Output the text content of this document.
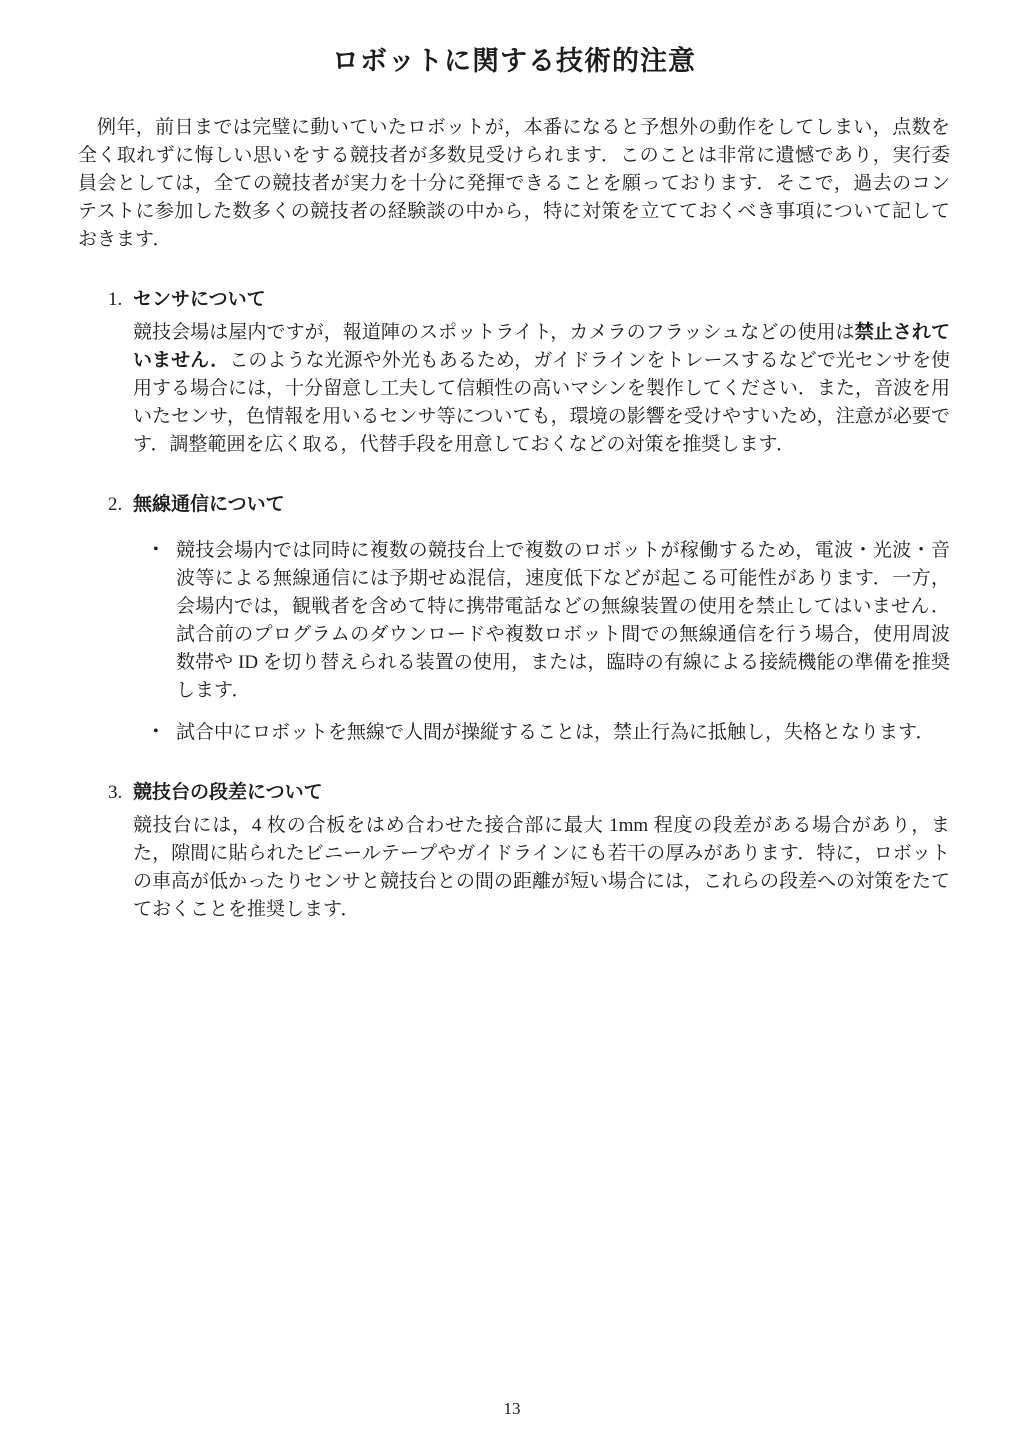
ロボットに関する技術的注意

例年，前日までは完璧に動いていたロボットが，本番になると予想外の動作をしてしまい，点数を全く取れずに悔しい思いをする競技者が多数見受けられます．このことは非常に遺憾であり，実行委員会としては，全ての競技者が実力を十分に発揮できることを願っております．そこで，過去のコンテストに参加した数多くの競技者の経験談の中から，特に対策を立てておくべき事項について記しておきます．

1. センサについて
競技会場は屋内ですが，報道陣のスポットライト，カメラのフラッシュなどの使用は禁止されていません．このような光源や外光もあるため，ガイドラインをトレースするなどで光センサを使用する場合には，十分留意し工夫して信頼性の高いマシンを製作してください．また，音波を用いたセンサ，色情報を用いるセンサ等についても，環境の影響を受けやすいため，注意が必要です．調整範囲を広く取る，代替手段を用意しておくなどの対策を推奨します．
2. 無線通信について
• 競技会場内では同時に複数の競技台上で複数のロボットが稼働するため，電波・光波・音波等による無線通信には予期せぬ混信，速度低下などが起こる可能性があります．一方，会場内では，観戦者を含めて特に携帯電話などの無線装置の使用を禁止してはいません．試合前のプログラムのダウンロードや複数ロボット間での無線通信を行う場合，使用周波数帯や ID を切り替えられる装置の使用，または，臨時の有線による接続機能の準備を推奨します．
• 試合中にロボットを無線で人間が操縦することは，禁止行為に抵触し，失格となります．
3. 競技台の段差について
競技台には，4 枚の合板をはめ合わせた接合部に最大 1mm 程度の段差がある場合があり，また，隙間に貼られたビニールテープやガイドラインにも若干の厚みがあります．特に，ロボットの車高が低かったりセンサと競技台との間の距離が短い場合には，これらの段差への対策をたてておくことを推奨します．
13
